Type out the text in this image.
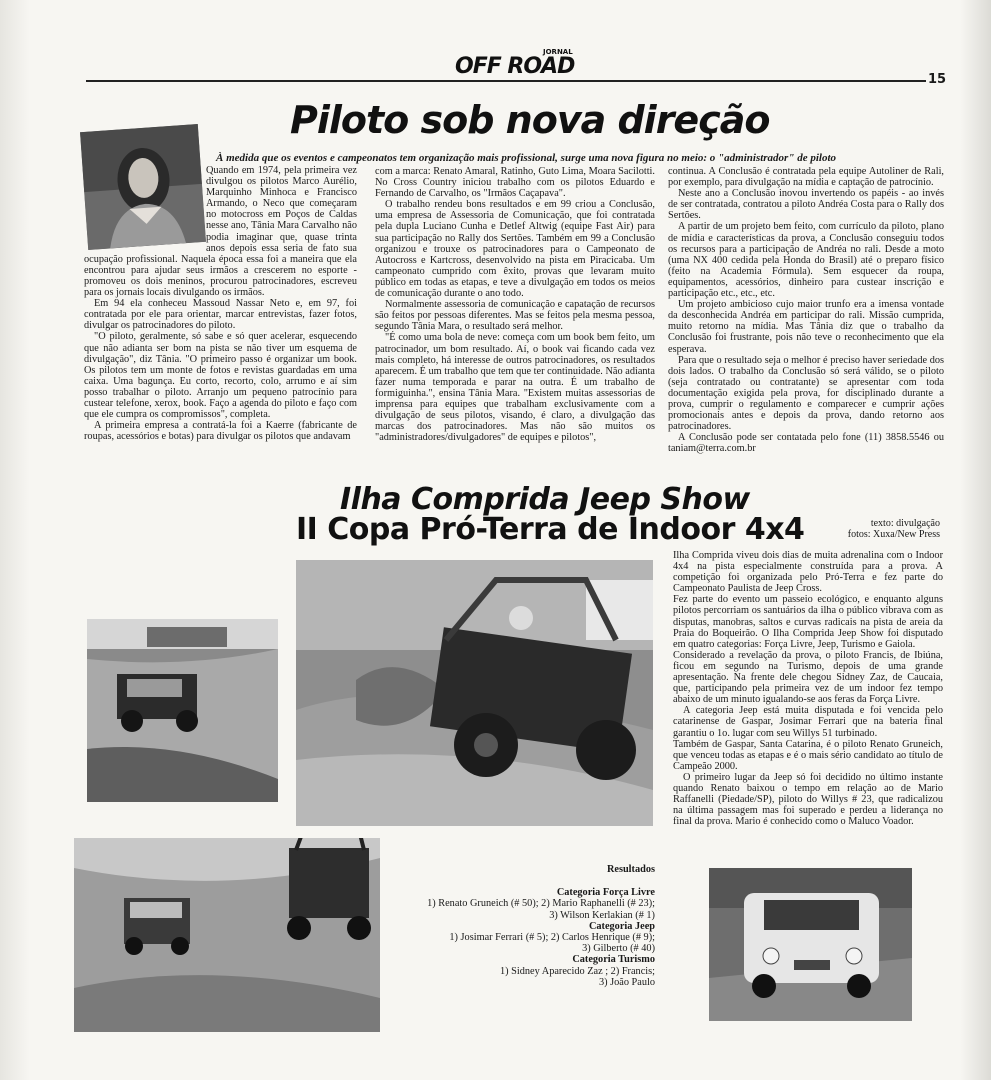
OFF ROAD
JORNAL
15
Piloto sob nova direção
À medida que os eventos e campeonatos tem organização mais profissional, surge uma nova figura no meio: o "administrador" de piloto

Quando em 1974, pela primeira vez divulgou os pilotos Marco Aurélio, Marquinho Minhoca e Francisco Armando, o Neco que começaram no motocross em Poços de Caldas nesse ano, Tânia Mara Carvalho não podia imaginar que, quase trinta anos depois essa seria de fato sua ocupação profissional. Naquela época essa foi a maneira que ela encontrou para ajudar seus irmãos a crescerem no esporte - promoveu os dois meninos, procurou patrocinadores, escreveu para os jornais locais divulgando os irmãos.

Em 94 ela conheceu Massoud Nassar Neto e, em 97, foi contratada por ele para orientar, marcar entrevistas, fazer fotos, divulgar os patrocinadores do piloto.

"O piloto, geralmente, só sabe e só quer acelerar, esquecendo que não adianta ser bom na pista se não tiver um esquema de divulgação", diz Tânia. "O primeiro passo é organizar um book. Os pilotos tem um monte de fotos e revistas guardadas em uma caixa. Uma bagunça. Eu corto, recorto, colo, arrumo e aí sim posso trabalhar o piloto. Arranjo um pequeno patrocínio para custear telefone, xerox, book. Faço a agenda do piloto e faço com que ele cumpra os compromissos", completa.

A primeira empresa a contratá-la foi a Kaerre (fabricante de roupas, acessórios e botas) para divulgar os pilotos que andavam

com a marca: Renato Amaral, Ratinho, Guto Lima, Moara Sacilotti. No Cross Country iniciou trabalho com os pilotos Eduardo e Fernando de Carvalho, os "Irmãos Caçapava".

O trabalho rendeu bons resultados e em 99 criou a Conclusão, uma empresa de Assessoria de Comunicação, que foi contratada pela dupla Luciano Cunha e Detlef Altwig (equipe Fast Air) para sua participação no Rally dos Sertões. Também em 99 a Conclusão organizou e trouxe os patrocinadores para o Campeonato de Autocross e Kartcross, desenvolvido na pista em Piracicaba. Um campeonato cumprido com êxito, provas que levaram muito público em todas as etapas, e teve a divulgação em todos os meios de comunicação durante o ano todo.

Normalmente assessoria de comunicação e capatação de recursos são feitos por pessoas diferentes. Mas se feitos pela mesma pessoa, segundo Tânia Mara, o resultado será melhor.

"É como uma bola de neve: começa com um book bem feito, um patrocinador, um bom resultado. Aí, o book vai ficando cada vez mais completo, há interesse de outros patrocinadores, os resultados aparecem. É um trabalho que tem que ter continuidade. Não adianta fazer numa temporada e parar na outra. É um trabalho de formiguinha.", ensina Tânia Mara. "Existem muitas assessorias de imprensa para equipes que trabalham exclusivamente com a divulgação de seus pilotos, visando, é claro, a divulgação das marcas dos patrocinadores. Mas não são muitos os "administradores/divulgadores" de equipes e pilotos",

continua. A Conclusão é contratada pela equipe Autoliner de Rali, por exemplo, para divulgação na mídia e captação de patrocínio.

Neste ano a Conclusão inovou invertendo os papéis - ao invés de ser contratada, contratou a piloto Andréa Costa para o Rally dos Sertões.

A partir de um projeto bem feito, com currículo da piloto, plano de mídia e características da prova, a Conclusão conseguiu todos os recursos para a participação de Andréa no rali. Desde a moto (uma NX 400 cedida pela Honda do Brasil) até o preparo físico (feito na Academia Fórmula). Sem esquecer da roupa, equipamentos, acessórios, dinheiro para custear inscrição e participação etc., etc., etc.

Um projeto ambicioso cujo maior trunfo era a imensa vontade da desconhecida Andréa em participar do rali. Missão cumprida, muito retorno na mídia. Mas Tânia diz que o trabalho da Conclusão foi frustrante, pois não teve o reconhecimento que ela esperava.

Para que o resultado seja o melhor é preciso haver seriedade dos dois lados. O trabalho da Conclusão só será válido, se o piloto (seja contratado ou contratante) se apresentar com toda documentação exigida pela prova, for disciplinado durante a prova, cumprir o regulamento e comparecer e cumprir ações promocionais antes e depois da prova, dando retorno aos patrocinadores.

A Conclusão pode ser contatada pelo fone (11) 3858.5546 ou taniam@terra.com.br

Ilha Comprida Jeep Show
II Copa Pró-Terra de Indoor 4x4	texto: divulgação
fotos: Xuxa/New Press

Ilha Comprida viveu dois dias de muita adrenalina com o Indoor 4x4 na pista especialmente construída para a prova. A competição foi organizada pelo Pró-Terra e fez parte do Campeonato Paulista de Jeep Cross.

Fez parte do evento um passeio ecológico, e enquanto alguns pilotos percorriam os santuários da ilha o público vibrava com as disputas, manobras, saltos e curvas radicais na pista de areia da Praia do Boqueirão. O Ilha Comprida Jeep Show foi disputado em quatro categorias: Força Livre, Jeep, Turismo e Gaiola.

Considerado a revelação da prova, o piloto Francis, de Ibiúna, ficou em segundo na Turismo, depois de uma grande apresentação. Na frente dele chegou Sidney Zaz, de Caucaia, que, participando pela primeira vez de um indoor fez tempo abaixo de um minuto igualando-se aos feras da Força Livre.

A categoria Jeep está muita disputada e foi vencida pelo catarinense de Gaspar, Josimar Ferrari que na bateria final garantiu o 1o. lugar com seu Willys 51 turbinado.

Também de Gaspar, Santa Catarina, é o piloto Renato Gruneich, que venceu todas as etapas e é o mais sério candidato ao título de Campeão 2000.

O primeiro lugar da Jeep só foi decidido no último instante quando Renato baixou o tempo em relação ao de Mario Raffanelli (Piedade/SP), piloto do Willys # 23, que radicalizou na última passagem mas foi superado e perdeu a liderança no final da prova. Mario é conhecido como o Maluco Voador.

Resultados
Categoria Força Livre
1) Renato Gruneich (# 50); 2) Mario Raphanelli (# 23);
3) Wilson Kerlakian (# 1)
Categoria Jeep
1) Josimar Ferrari (# 5); 2) Carlos Henrique (# 9);
3) Gilberto (# 40)
Categoria Turismo
1) Sidney Aparecido Zaz ; 2) Francis;
3) João Paulo
